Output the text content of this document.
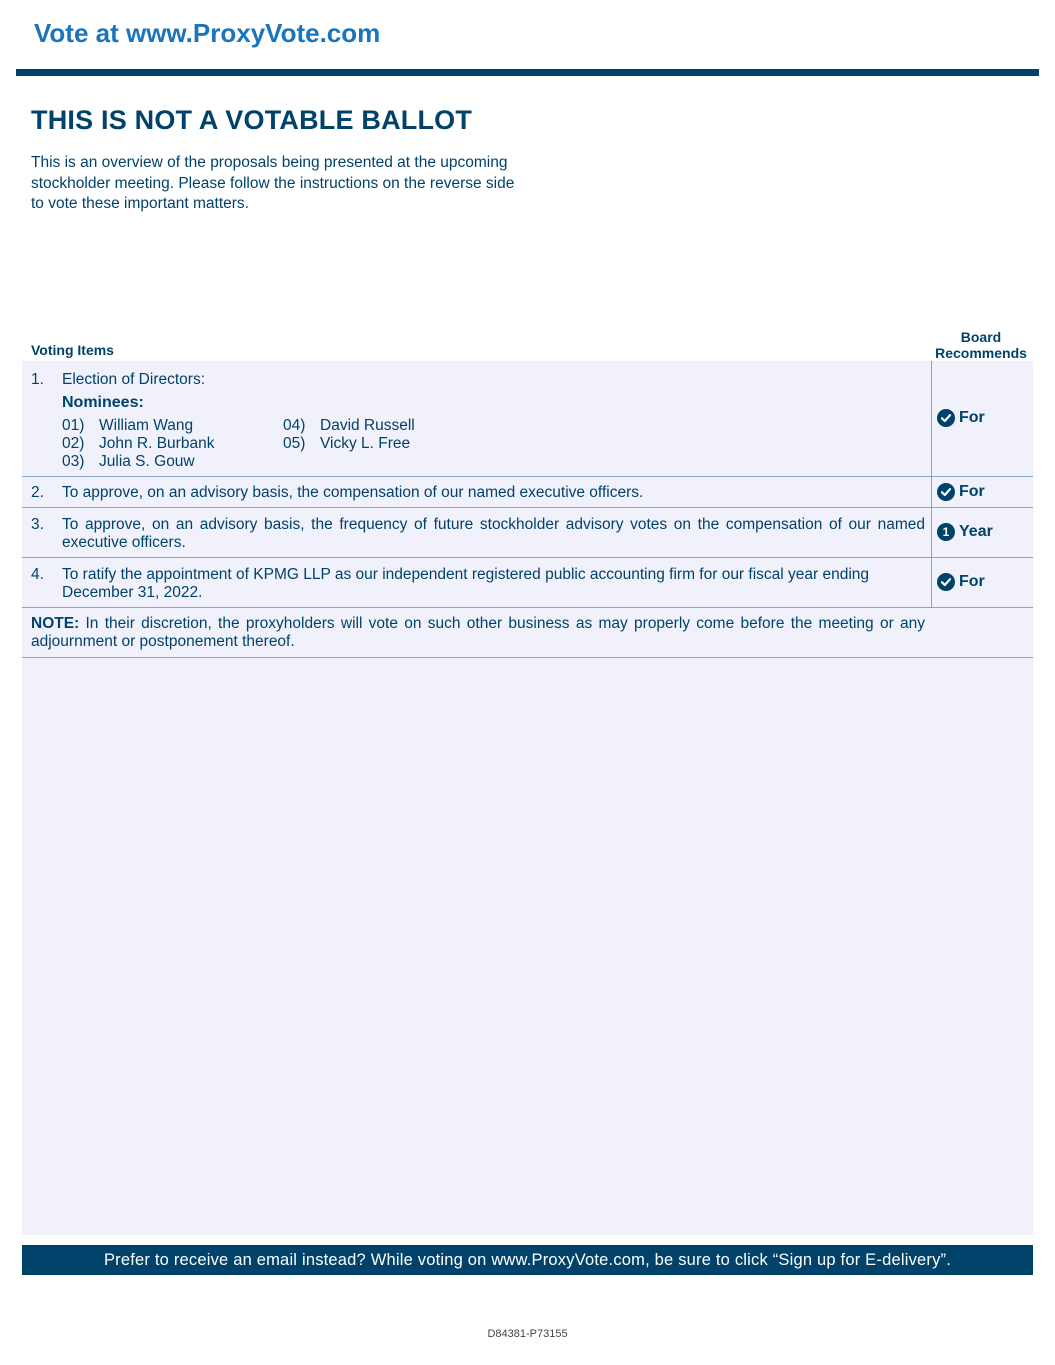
Vote at www.ProxyVote.com
THIS IS NOT A VOTABLE BALLOT
This is an overview of the proposals being presented at the upcoming stockholder meeting. Please follow the instructions on the reverse side to vote these important matters.
Voting Items
Board
Recommends
1. Election of Directors:
Nominees:
01) William Wang
02) John R. Burbank
03) Julia S. Gouw
04) David Russell
05) Vicky L. Free
For
2. To approve, on an advisory basis, the compensation of our named executive officers.	For
3. To approve, on an advisory basis, the frequency of future stockholder advisory votes on the compensation of our named executive officers.
1 Year
4. To ratify the appointment of KPMG LLP as our independent registered public accounting firm for our fiscal year ending December 31, 2022.
For
NOTE: In their discretion, the proxyholders will vote on such other business as may properly come before the meeting or any adjournment or postponement thereof.
Prefer to receive an email instead? While voting on www.ProxyVote.com, be sure to click “Sign up for E-delivery”.
D84381-P73155
